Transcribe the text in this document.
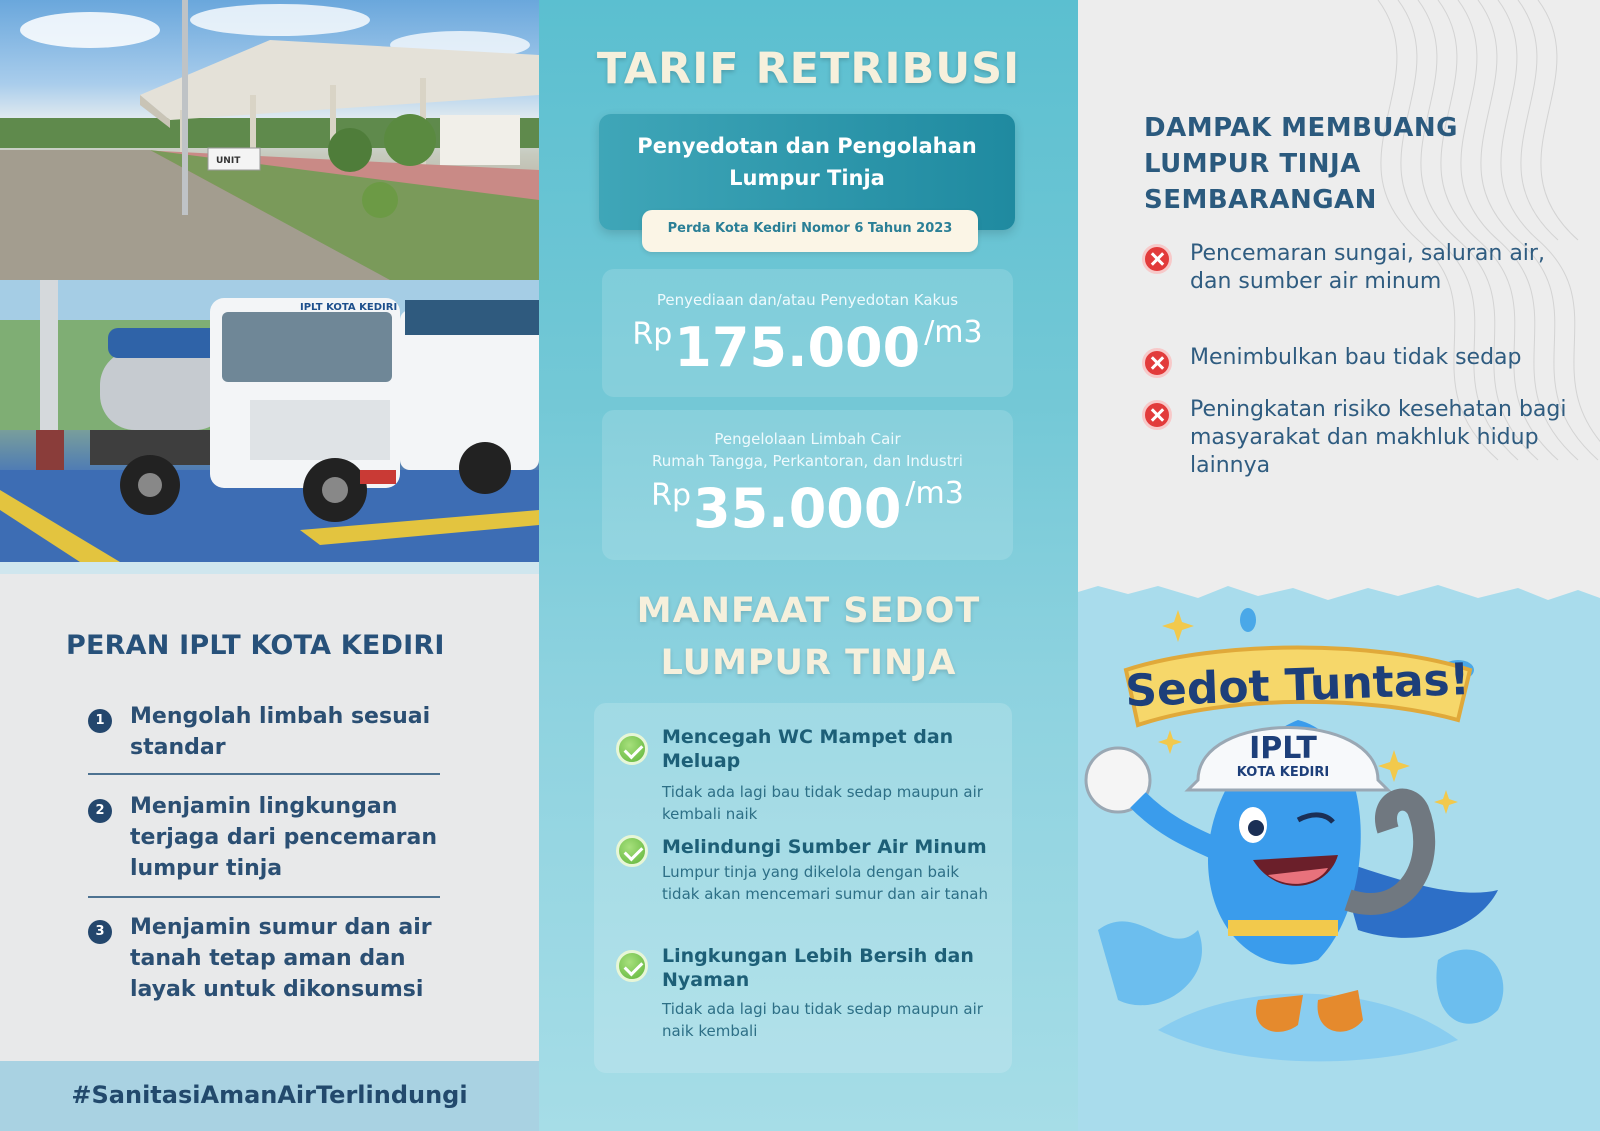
UNIT
IPLT KOTA KEDIRI
PERAN IPLT KOTA KEDIRI
1	Mengolah limbah sesuai standar
2	Menjamin lingkungan terjaga dari pencemaran lumpur tinja
3	Menjamin sumur dan air tanah tetap aman dan layak untuk dikonsumsi
#SanitasiAmanAirTerlindungi
TARIF RETRIBUSI
Penyedotan dan Pengolahan Lumpur Tinja
Perda Kota Kediri Nomor 6 Tahun 2023
Penyediaan dan/atau Penyedotan Kakus
Rp175.000 /m3
Pengelolaan Limbah Cair
Rumah Tangga, Perkantoran, dan Industri
Rp35.000 /m3
MANFAAT SEDOT
LUMPUR TINJA
Mencegah WC Mampet dan Meluap
Tidak ada lagi bau tidak sedap maupun air kembali naik
Melindungi Sumber Air Minum
Lumpur tinja yang dikelola dengan baik tidak akan mencemari sumur dan air tanah
Lingkungan Lebih Bersih dan Nyaman
Tidak ada lagi bau tidak sedap maupun air naik kembali
DAMPAK MEMBUANG LUMPUR TINJA SEMBARANGAN
Pencemaran sungai, saluran air, dan sumber air minum
Menimbulkan bau tidak sedap
Peningkatan risiko kesehatan bagi masyarakat dan makhluk hidup lainnya
Sedot Tuntas!
IPLT
KOTA KEDIRI
